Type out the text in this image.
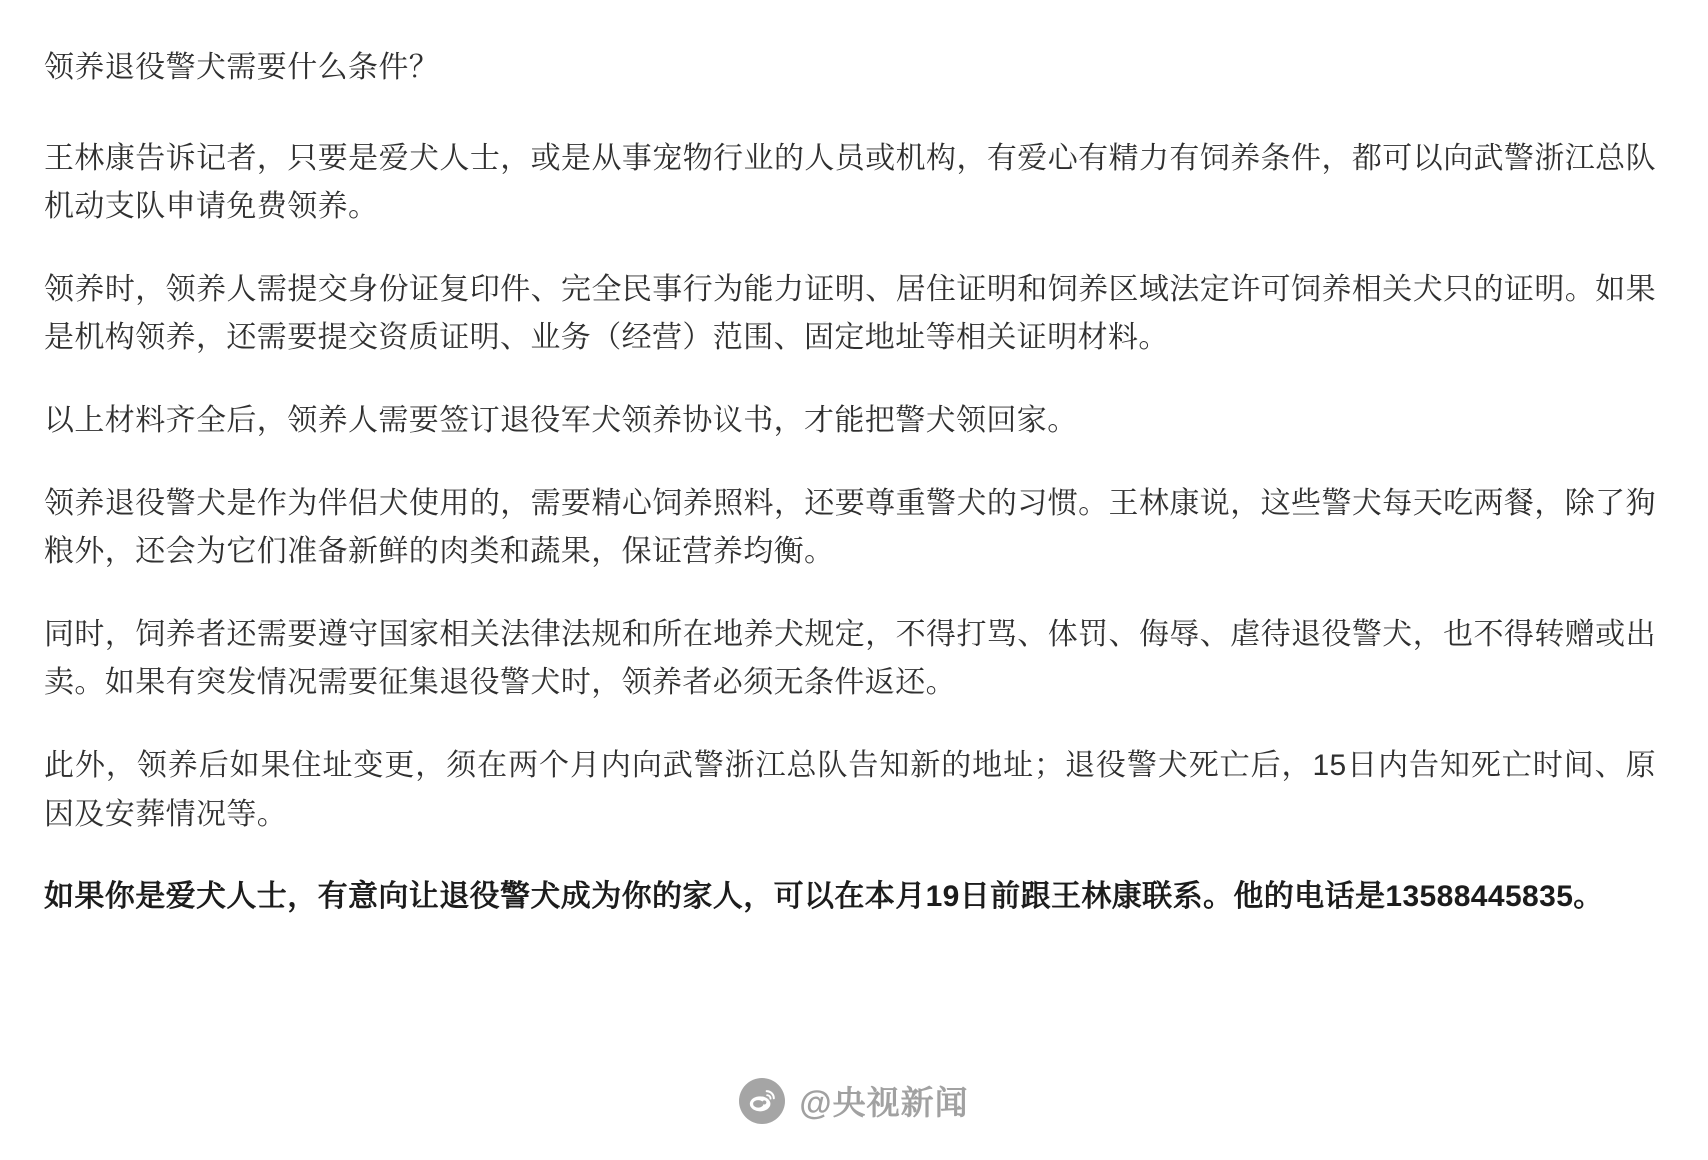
领养退役警犬需要什么条件？

王林康告诉记者，只要是爱犬人士，或是从事宠物行业的人员或机构，有爱心有精力有饲养条件，都可以向武警浙江总队机动支队申请免费领养。

领养时，领养人需提交身份证复印件、完全民事行为能力证明、居住证明和饲养区域法定许可饲养相关犬只的证明。如果是机构领养，还需要提交资质证明、业务（经营）范围、固定地址等相关证明材料。

以上材料齐全后，领养人需要签订退役军犬领养协议书，才能把警犬领回家。

领养退役警犬是作为伴侣犬使用的，需要精心饲养照料，还要尊重警犬的习惯。王林康说，这些警犬每天吃两餐，除了狗粮外，还会为它们准备新鲜的肉类和蔬果，保证营养均衡。

同时，饲养者还需要遵守国家相关法律法规和所在地养犬规定，不得打骂、体罚、侮辱、虐待退役警犬，也不得转赠或出卖。如果有突发情况需要征集退役警犬时，领养者必须无条件返还。

此外，领养后如果住址变更，须在两个月内向武警浙江总队告知新的地址；退役警犬死亡后，15日内告知死亡时间、原因及安葬情况等。

如果你是爱犬人士，有意向让退役警犬成为你的家人，可以在本月19日前跟王林康联系。他的电话是13588445835。

@央视新闻
